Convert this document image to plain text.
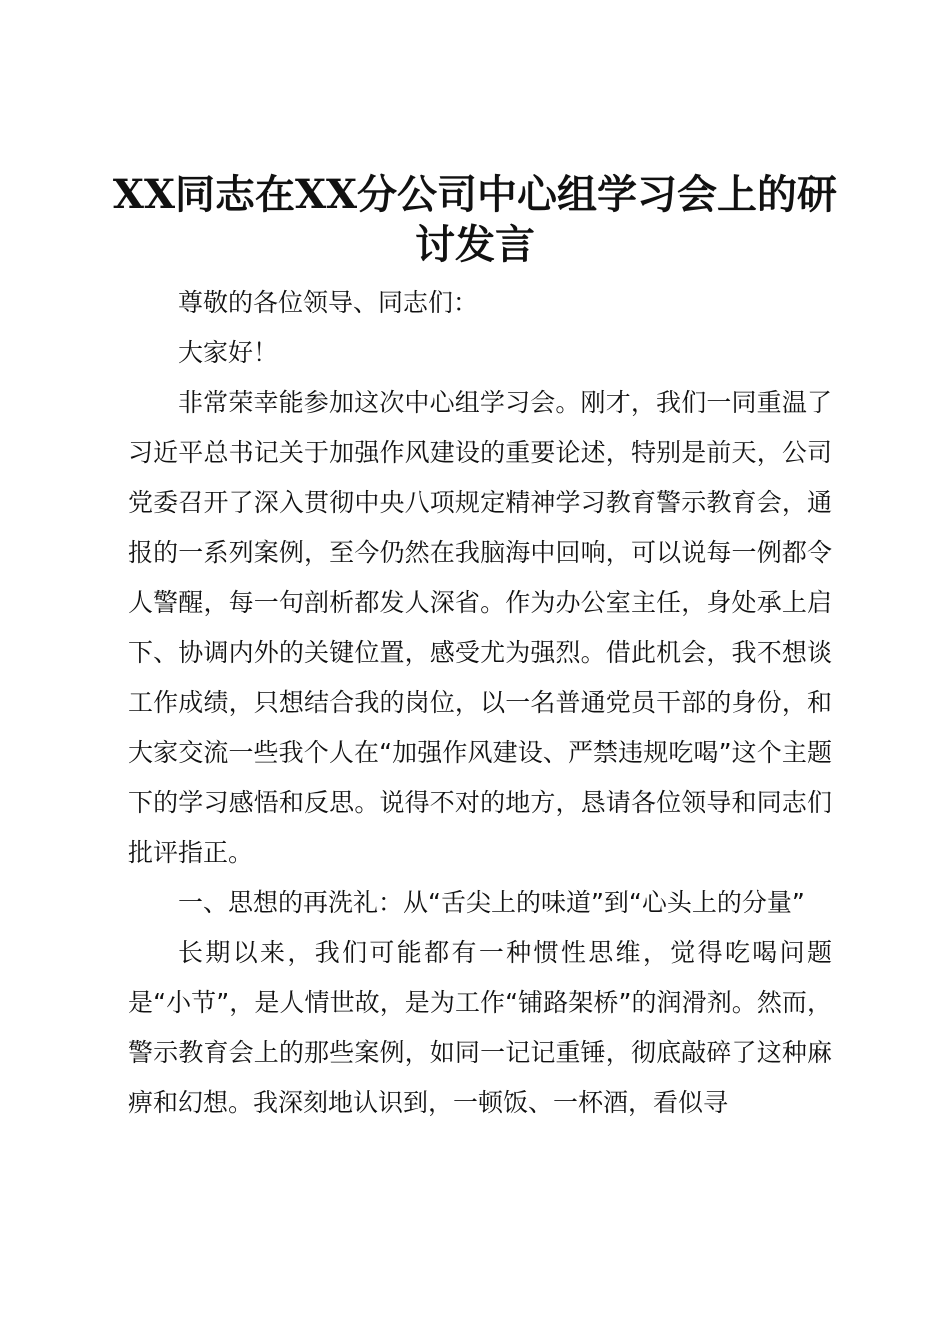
XX同志在XX分公司中心组学习会上的研讨发言

尊敬的各位领导、同志们：

大家好！

非常荣幸能参加这次中心组学习会。刚才，我们一同重温了习近平总书记关于加强作风建设的重要论述，特别是前天，公司党委召开了深入贯彻中央八项规定精神学习教育警示教育会，通报的一系列案例，至今仍然在我脑海中回响，可以说每一例都令人警醒，每一句剖析都发人深省。作为办公室主任，身处承上启下、协调内外的关键位置，感受尤为强烈。借此机会，我不想谈工作成绩，只想结合我的岗位，以一名普通党员干部的身份，和大家交流一些我个人在“加强作风建设、严禁违规吃喝”这个主题下的学习感悟和反思。说得不对的地方，恳请各位领导和同志们批评指正。

一、思想的再洗礼：从“舌尖上的味道”到“心头上的分量”

长期以来，我们可能都有一种惯性思维，觉得吃喝问题是“小节”，是人情世故，是为工作“铺路架桥”的润滑剂。然而，警示教育会上的那些案例，如同一记记重锤，彻底敲碎了这种麻痹和幻想。我深刻地认识到，一顿饭、一杯酒，看似寻
